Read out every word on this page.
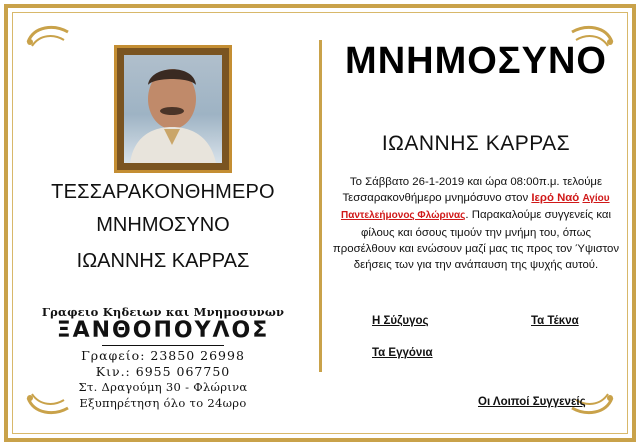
ΤΕΣΣΑΡΑΚΟΝΘΗΜΕΡΟ
ΜΝΗΜΟΣΥΝΟ
ΙΩΑΝΝΗΣ ΚΑΡΡΑΣ
Γραφειο Κηδειων και Μνημοσυνων
ΞΑΝΘΟΠΟΥΛΟΣ
Γραφείο: 23850 26998
Κιν.: 6955 067750
Στ. Δραγούμη 30 - Φλώρινα
Εξυπηρέτηση όλο το 24ωρο
ΜΝΗΜΟΣΥΝΟ
ΙΩΑΝΝΗΣ ΚΑΡΡΑΣ
Το Σάββατο 26-1-2019 και ώρα 08:00π.μ. τελούμε Τεσσαρακονθήμερο μνημόσυνο στον Ιερό Ναό Αγίου Παντελεήμονος Φλώρινας. Παρακαλούμε συγγενείς και φίλους και όσους τιμούν την μνήμη του, όπως προσέλθουν και ενώσουν μαζί μας τις προς τον Ύψιστον δεήσεις των για την ανάπαυση της ψυχής αυτού.
Η Σύζυγος	Τα Τέκνα
Τα Εγγόνια
Οι Λοιποί Συγγενείς
